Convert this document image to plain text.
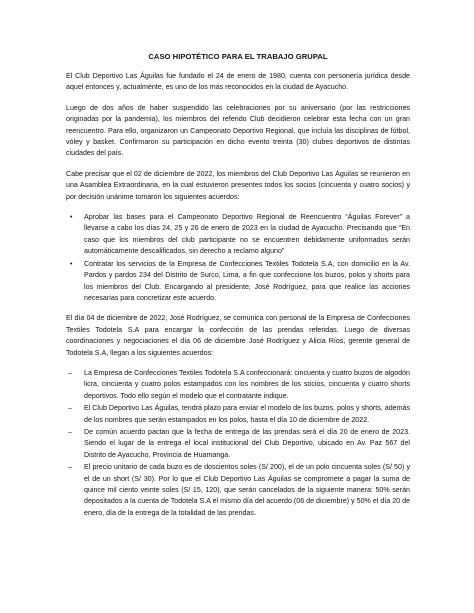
CASO HIPOTÉTICO PARA EL TRABAJO GRUPAL

El Club Deportivo Las Águilas fue fundado el 24 de enero de 1980, cuenta con personería jurídica desde aquel entonces y, actualmente, es uno de los más reconocidos en la ciudad de Ayacucho.

Luego de dos años de haber suspendido las celebraciones por su aniversario (por las restricciones originadas por la pandemia), los miembros del referido Club decidieron celebrar esta fecha con un gran reencuentro. Para ello, organizaron un Campeonato Deportivo Regional, que incluía las disciplinas de fútbol, vóley y basket. Confirmaron su participación en dicho evento treinta (30) clubes deportivos de distintas ciudades del país.

Cabe precisar que el 02 de diciembre de 2022, los miembros del Club Deportivo Las Águilas se reunieron en una Asamblea Extraordinaria, en la cual estuvieron presentes todos los socios (cincuenta y cuatro socios) y por decisión unánime tomaron los siguientes acuerdos:

• Aprobar las bases para el Campeonato Deportivo Regional de Reencuentro “Águilas Forever” a llevarse a cabo los días 24, 25 y 26 de enero de 2023 en la ciudad de Ayacucho. Precisando que “En caso que los miembros del club participante no se encuentren debidamente uniformados serán automáticamente descalificados, sin derecho a reclamo alguno”
• Contratar los servicios de la Empresa de Confecciones Textiles Todotela S.A, con domicilio en la Av. Pardos y pardos 234 del Distrito de Surco, Lima, a fin que confeccione los buzos, polos y shorts para los miembros del Club. Encargando al presidente, José Rodríguez, para que realice las acciones necesarias para concretizar este acuerdo.

El día 04 de diciembre de 2022, José Rodríguez, se comunica con personal de la Empresa de Confecciones Textiles Todotela S.A para encargar la confección de las prendas referidas. Luego de diversas coordinaciones y negociaciones el día 06 de diciembre José Rodríguez y Alicia Ríos, gerente general de Todotela S.A, llegan a los siguientes acuerdos:

– La Empresa de Confecciones Textiles Todotela S.A confeccionará: cincuenta y cuatro buzos de algodón licra, cincuenta y cuatro polos estampados con los nombres de los socios, cincuenta y cuatro shorts deportivos. Todo ello según el modelo que el contratante indique.
– El Club Deportivo Las Águilas, tendrá plazo para enviar el modelo de los buzos, polos y shorts, además de los nombres que serán estampados en los polos, hasta el día 10 de diciembre de 2022.
– De común acuerdo pactan que la fecha de entrega de las prendas será el día 20 de enero de 2023. Siendo el lugar de la entrega el local institucional del Club Deportivo, ubicado en Av. Paz 567 del Distrito de Ayacucho, Provincia de Huamanga.
– El precio unitario de cada buzo es de doscientos soles (S/ 200), el de un polo cincuenta soles (S/ 50) y el de un short (S/ 30). Por lo que el Club Deportivo Las Águilas se compromete a pagar la suma de quince mil ciento veinte soles (S/ 15, 120), que serán cancelados de la siguiente manera: 50% serán depositados a la cuenta de Todotela S.A el mismo día del acuerdo (06 de diciembre) y 50% el día 20 de enero, día de la entrega de la totalidad de las prendas.
